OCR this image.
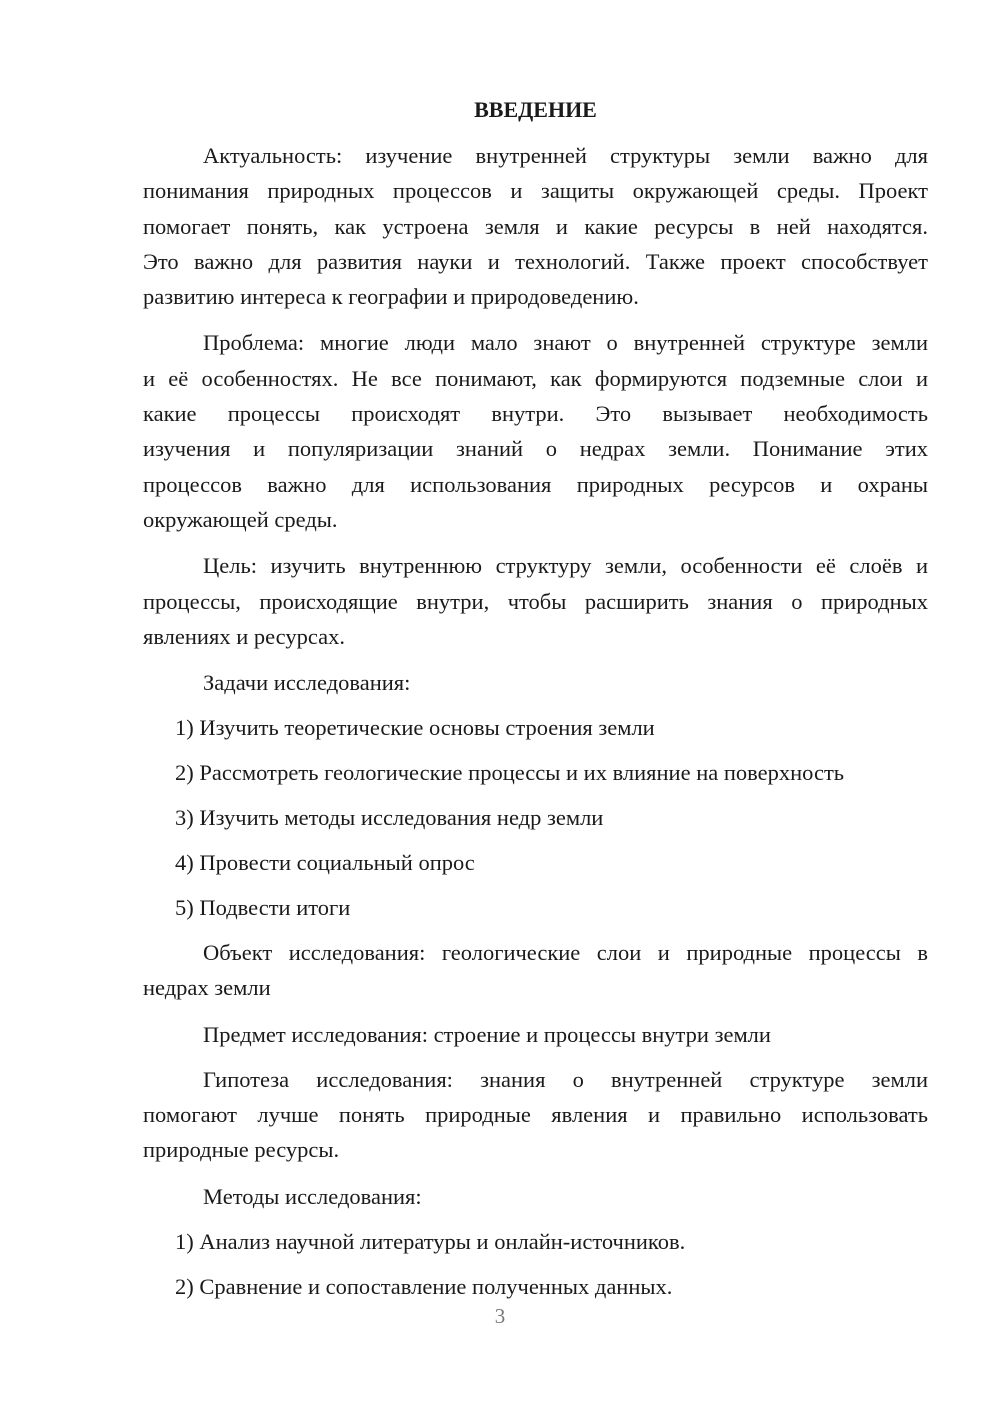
ВВЕДЕНИЕ
Актуальность: изучение внутренней структуры земли важно для
понимания природных процессов и защиты окружающей среды. Проект
помогает понять, как устроена земля и какие ресурсы в ней находятся.
Это важно для развития науки и технологий. Также проект способствует
развитию интереса к географии и природоведению.
Проблема: многие люди мало знают о внутренней структуре земли
и её особенностях. Не все понимают, как формируются подземные слои и
какие процессы происходят внутри. Это вызывает необходимость
изучения и популяризации знаний о недрах земли. Понимание этих
процессов важно для использования природных ресурсов и охраны
окружающей среды.
Цель: изучить внутреннюю структуру земли, особенности её слоёв и
процессы, происходящие внутри, чтобы расширить знания о природных
явлениях и ресурсах.
Задачи исследования:
1) Изучить теоретические основы строения земли
2) Рассмотреть геологические процессы и их влияние на поверхность
3) Изучить методы исследования недр земли
4) Провести социальный опрос
5) Подвести итоги
Объект исследования: геологические слои и природные процессы в
недрах земли
Предмет исследования: строение и процессы внутри земли
Гипотеза исследования: знания о внутренней структуре земли
помогают лучше понять природные явления и правильно использовать
природные ресурсы.
Методы исследования:
1) Анализ научной литературы и онлайн-источников.
2) Сравнение и сопоставление полученных данных.
3
